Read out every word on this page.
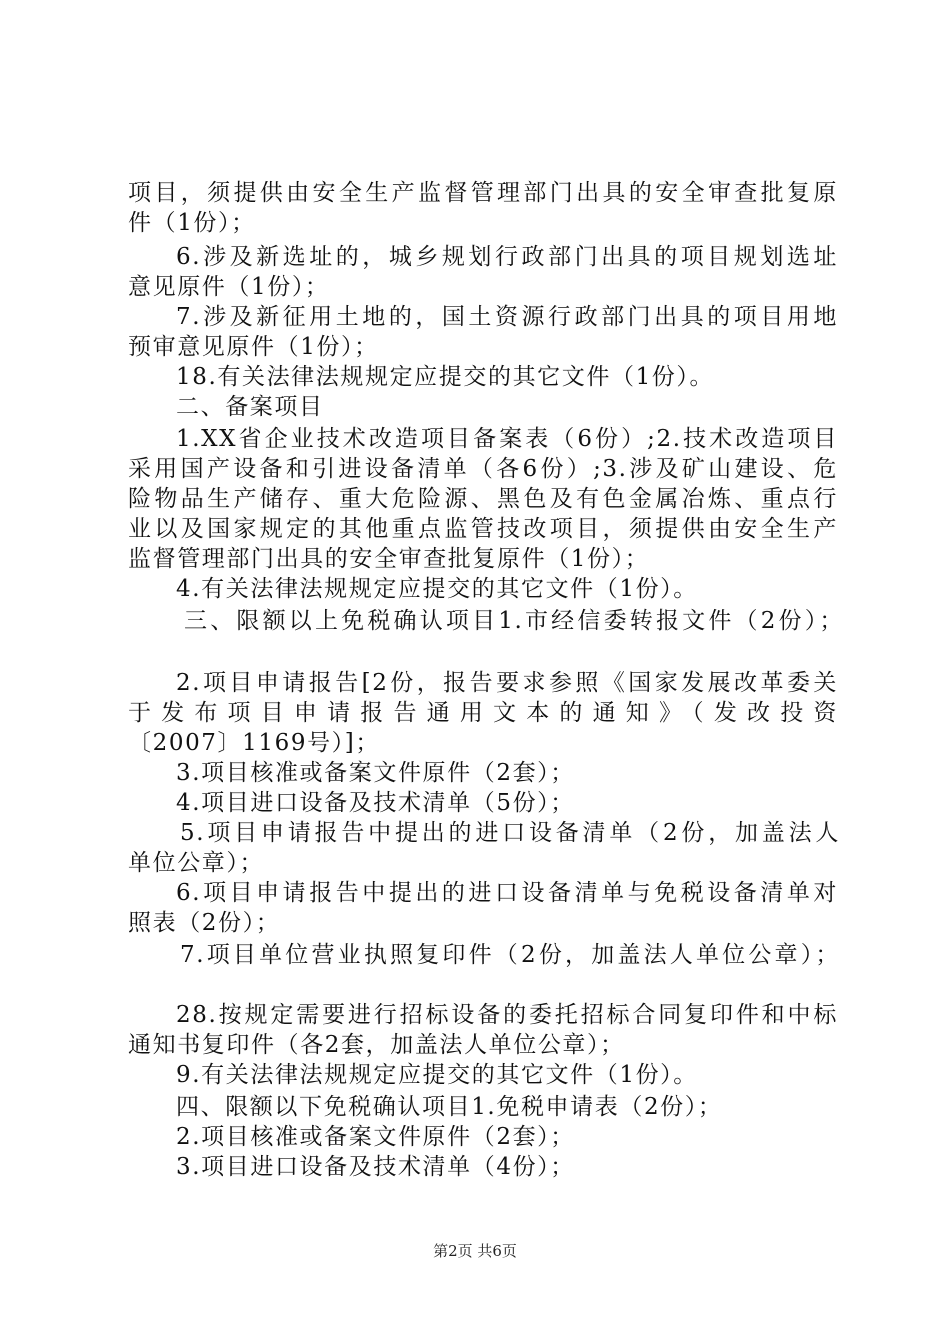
项目，须提供由安全生产监督管理部门出具的安全审查批复原
件（1份）；
6.涉及新选址的，城乡规划行政部门出具的项目规划选址
意见原件（1份）；
7.涉及新征用土地的，国土资源行政部门出具的项目用地
预审意见原件（1份）；
18.有关法律法规规定应提交的其它文件（1份）。
二、备案项目
1.XX省企业技术改造项目备案表（6份）;2.技术改造项目
采用国产设备和引进设备清单（各6份）;3.涉及矿山建设、危
险物品生产储存、重大危险源、黑色及有色金属冶炼、重点行
业以及国家规定的其他重点监管技改项目，须提供由安全生产
监督管理部门出具的安全审查批复原件（1份）；
4.有关法律法规规定应提交的其它文件（1份）。
三、限额以上免税确认项目1.市经信委转报文件（2份）；
2.项目申请报告[2份，报告要求参照《国家发展改革委关
于发布项目申请报告通用文本的通知》（发改投资
〔2007〕1169号）]；
3.项目核准或备案文件原件（2套）；
4.项目进口设备及技术清单（5份）；
5.项目申请报告中提出的进口设备清单（2份，加盖法人
单位公章）；
6.项目申请报告中提出的进口设备清单与免税设备清单对
照表（2份）；
7.项目单位营业执照复印件（2份，加盖法人单位公章）；
28.按规定需要进行招标设备的委托招标合同复印件和中标
通知书复印件（各2套，加盖法人单位公章）；
9.有关法律法规规定应提交的其它文件（1份）。
四、限额以下免税确认项目1.免税申请表（2份）；
2.项目核准或备案文件原件（2套）；
3.项目进口设备及技术清单（4份）；
第2页 共6页
